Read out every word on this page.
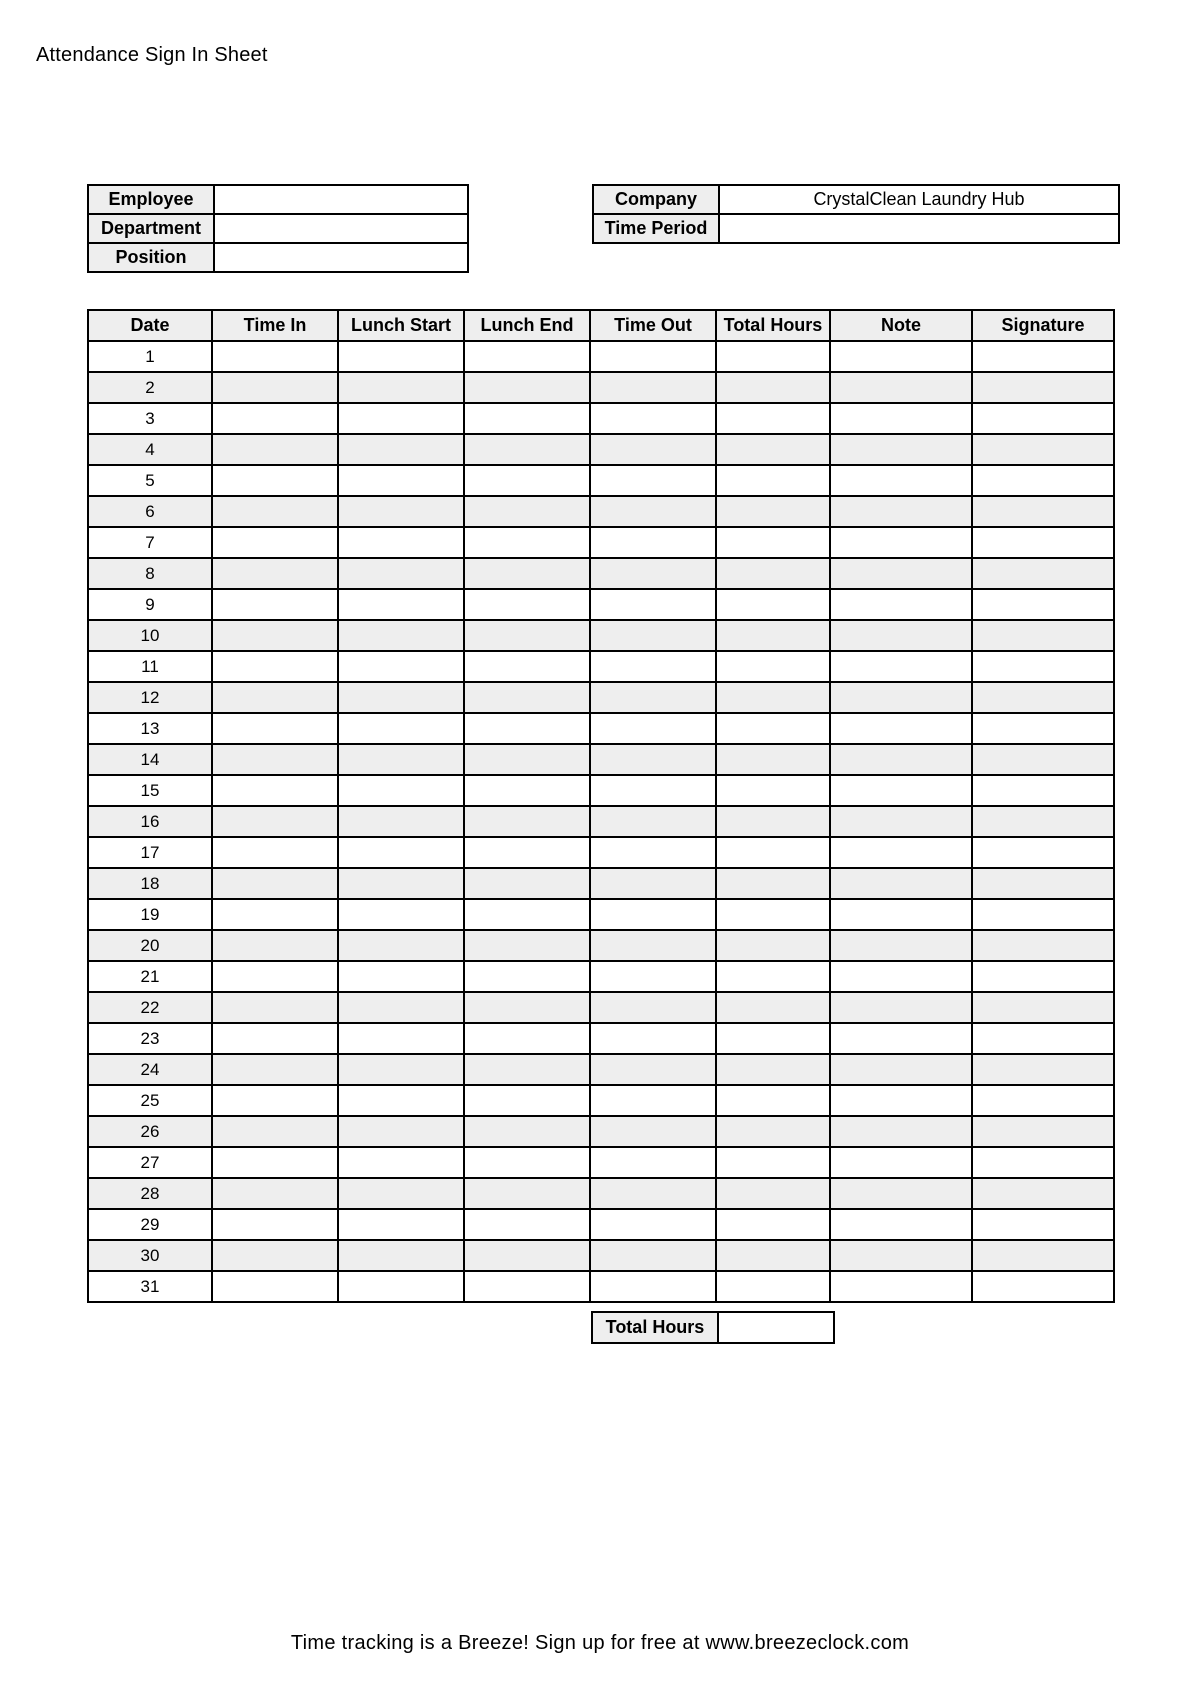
Attendance Sign In Sheet
Employee	
Department	
Position	
Company	CrystalClean Laundry Hub
Time Period	
Date	Time In	Lunch Start	Lunch End	Time Out	Total Hours	Note	Signature
1							
2							
3							
4							
5							
6							
7							
8							
9							
10							
11							
12							
13							
14							
15							
16							
17							
18							
19							
20							
21							
22							
23							
24							
25							
26							
27							
28							
29							
30							
31							
Total Hours	
Time tracking is a Breeze! Sign up for free at www.breezeclock.com
